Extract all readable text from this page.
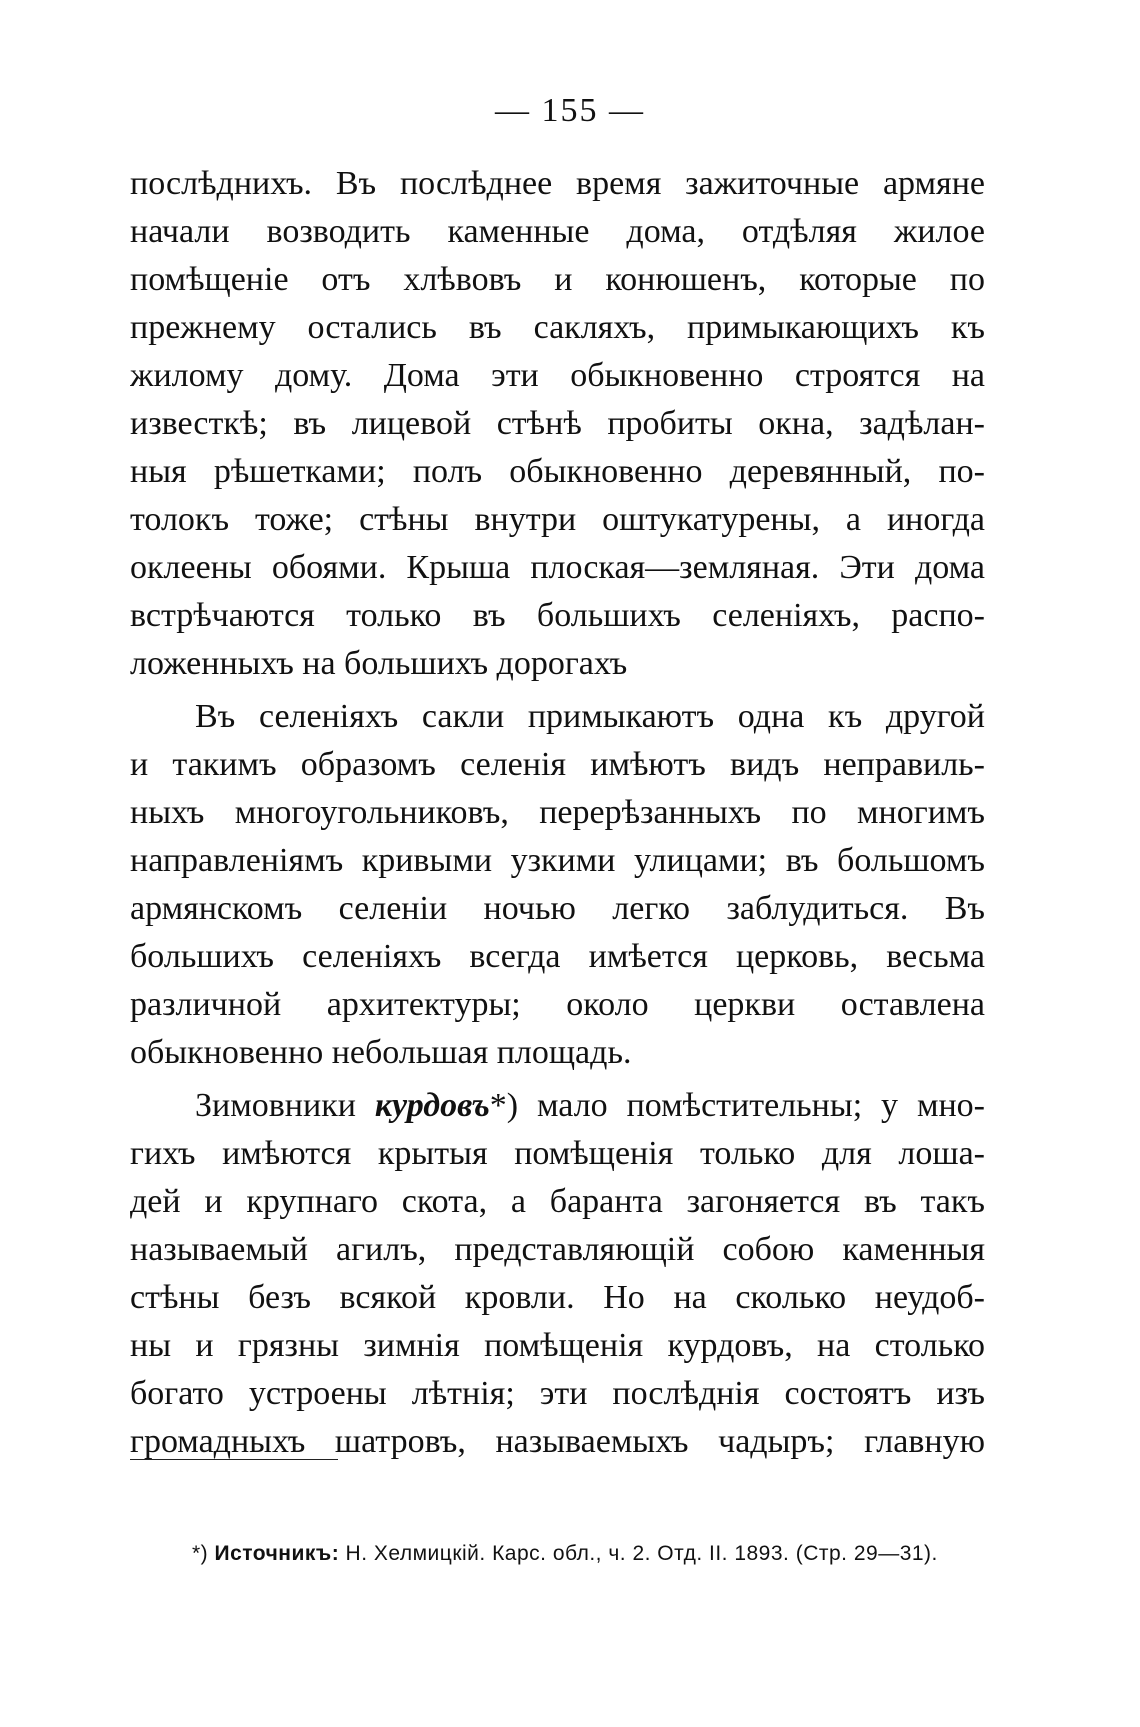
— 155 —
послѣднихъ. Въ послѣднее время зажиточные армяне
начали возводить каменные дома, отдѣляя жилое
помѣщеніе отъ хлѣвовъ и конюшенъ, которые по
прежнему остались въ сакляхъ, примыкающихъ къ
жилому дому. Дома эти обыкновенно строятся на
известкѣ; въ лицевой стѣнѣ пробиты окна, задѣлан-
ныя рѣшетками; полъ обыкновенно деревянный, по-
толокъ тоже; стѣны внутри оштукатурены, а иногда
оклеены обоями. Крыша плоская—земляная. Эти дома
встрѣчаются только въ большихъ селеніяхъ, распо-
ложенныхъ на большихъ дорогахъ
Въ селеніяхъ сакли примыкаютъ одна къ другой
и такимъ образомъ селенія имѣютъ видъ неправиль-
ныхъ многоугольниковъ, перерѣзанныхъ по многимъ
направленіямъ кривыми узкими улицами; въ большомъ
армянскомъ селеніи ночью легко заблудиться. Въ
большихъ селеніяхъ всегда имѣется церковь, весьма
различной архитектуры; около церкви оставлена
обыкновенно небольшая площадь.
Зимовники курдовъ*) мало помѣстительны; у мно-
гихъ имѣются крытыя помѣщенія только для лоша-
дей и крупнаго скота, а баранта загоняется въ такъ
называемый агилъ, представляющій собою каменныя
стѣны безъ всякой кровли. Но на сколько неудоб-
ны и грязны зимнія помѣщенія курдовъ, на столько
богато устроены лѣтнія; эти послѣднія состоятъ изъ
громадныхъ шатровъ, называемыхъ чадыръ; главную
*) Источникъ: Н. Хелмицкій. Карс. обл., ч. 2. Отд. II. 1893. (Стр. 29—31).
